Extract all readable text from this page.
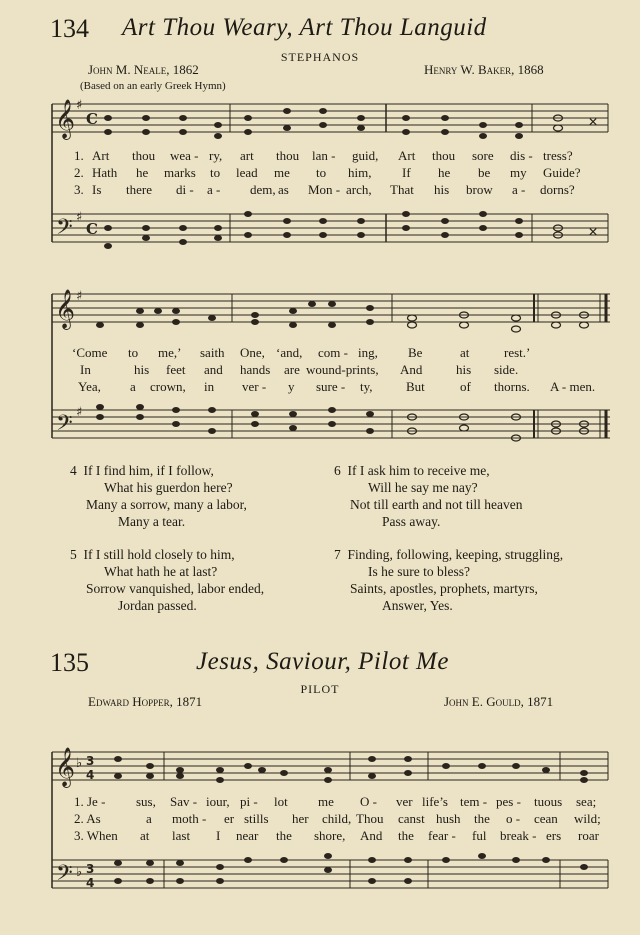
134 Art Thou Weary, Art Thou Languid
STEPHANOS
John M. Neale, 1862
(Based on an early Greek Hymn)
Henry W. Baker, 1868
𝄞
𝄢
𝄞
𝄢
𝄞
𝄢
♯
♯
♯
♯
♭
♭
C
C
3
4
3
4
✕
✕
1. Art thou wea - ry, art thou lan - guid, Art thou sore dis - tress?
2. Hath he marks to lead me to him, If he be my Guide?
3. Is there di - a - dem, as Mon - arch, That his brow a - dorns?
‘Come to me,’ saith One, ‘and, com - ing, Be	at	rest.’
In	his feet and hands are wound-prints, And	his side.
Yea, a crown, in ver - y sure - ty,	But	of thorns. A - men.
4 If I find him, if I follow,
What his guerdon here?
Many a sorrow, many a labor,
Many a tear.
6 If I ask him to receive me,
Will he say me nay?
Not till earth and not till heaven
Pass away.
5 If I still hold closely to him,
What hath he at last?
Sorrow vanquished, labor ended,
Jordan passed.
7 Finding, following, keeping, struggling,
Is he sure to bless?
Saints, apostles, prophets, martyrs,
Answer, Yes.
135	Jesus, Saviour, Pilot Me
PILOT
Edward Hopper, 1871	John E. Gould, 1871
1. Je - sus, Sav - iour, pi - lot me O - ver life’s tem - pes - tuous sea;
2. As	a moth - er stills her child, Thou canst hush the o - cean wild;
3. When at last I near the shore, And the fear - ful break - ers roar
